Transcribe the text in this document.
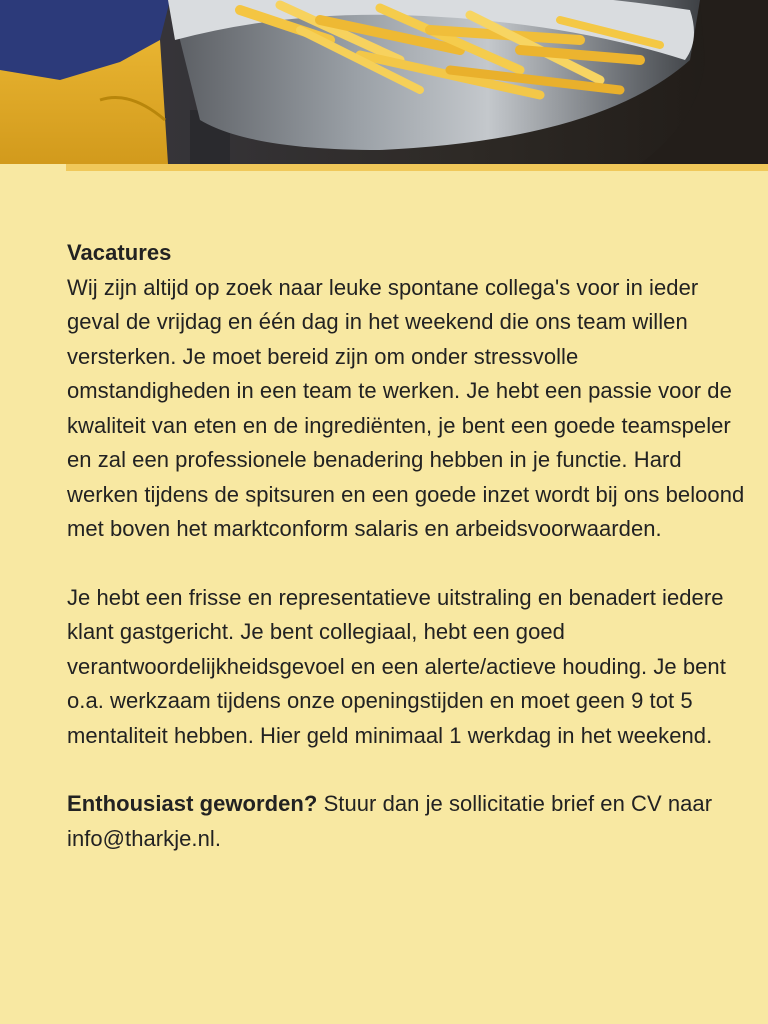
Vacatures

Wij zijn altijd op zoek naar leuke spontane collega's voor in ieder geval de vrijdag en één dag in het weekend die ons team willen versterken. Je moet bereid zijn om onder stressvolle omstandigheden in een team te werken. Je hebt een passie voor de kwaliteit van eten en de ingrediënten, je bent een goede teamspeler en zal een professionele benadering hebben in je functie. Hard werken tijdens de spitsuren en een goede inzet wordt bij ons beloond met boven het marktconform salaris en arbeidsvoorwaarden.

Je hebt een frisse en representatieve uitstraling en benadert iedere klant gastgericht. Je bent collegiaal, hebt een goed verantwoordelijkheidsgevoel en een alerte/actieve houding. Je bent o.a. werkzaam tijdens onze openingstijden en moet geen 9 tot 5 mentaliteit hebben. Hier geld minimaal 1 werkdag in het weekend.

Enthousiast geworden? Stuur dan je sollicitatie brief en CV naar info@tharkje.nl.
